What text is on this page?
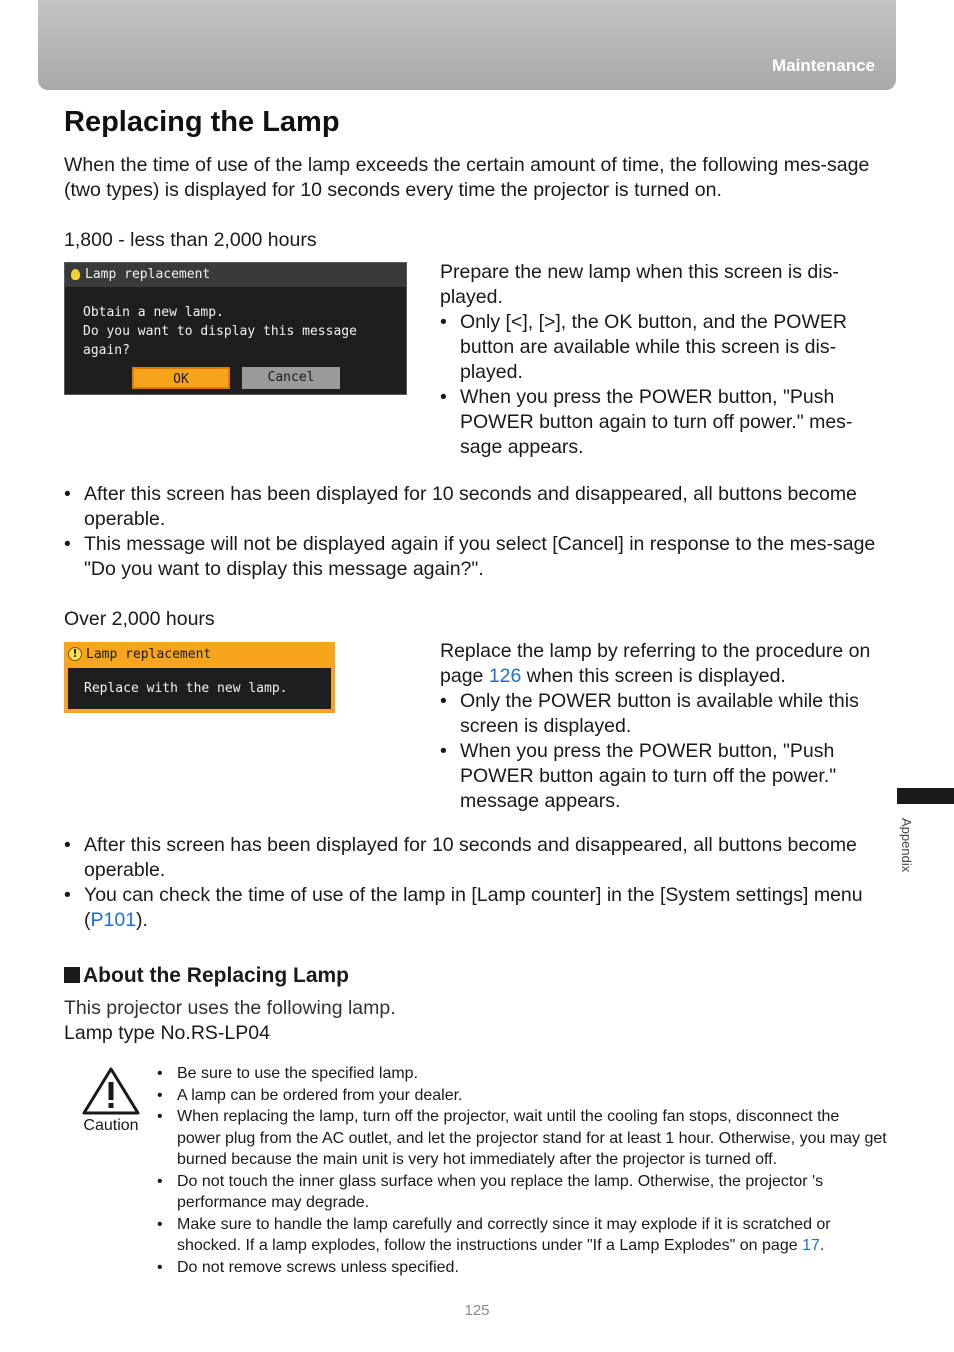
Maintenance
Replacing the Lamp

When the time of use of the lamp exceeds the certain amount of time, the following mes-sage (two types) is displayed for 10 seconds every time the projector is turned on.

1,800 - less than 2,000 hours
Lamp replacement
Obtain a new lamp.
Do you want to display this message again?
OK	Cancel

Prepare the new lamp when this screen is dis-played.

• Only [<], [>], the OK button, and the POWER button are available while this screen is dis-played.
• When you press the POWER button, "Push POWER button again to turn off power." mes-sage appears.
• After this screen has been displayed for 10 seconds and disappeared, all buttons become operable.
• This message will not be displayed again if you select [Cancel] in response to the mes-sage "Do you want to display this message again?".
Over 2,000 hours
! Lamp replacement
Replace with the new lamp.

Replace the lamp by referring to the procedure on page 126 when this screen is displayed.

• Only the POWER button is available while this screen is displayed.
• When you press the POWER button, "Push POWER button again to turn off the power." message appears.
• After this screen has been displayed for 10 seconds and disappeared, all buttons become operable.
• You can check the time of use of the lamp in [Lamp counter] in the [System settings] menu (P101).
About the Replacing Lamp

This projector uses the following lamp.

Lamp type No.RS-LP04

Caution
• Be sure to use the specified lamp.
• A lamp can be ordered from your dealer.
• When replacing the lamp, turn off the projector, wait until the cooling fan stops, disconnect the power plug from the AC outlet, and let the projector stand for at least 1 hour. Otherwise, you may get burned because the main unit is very hot immediately after the projector is turned off.
• Do not touch the inner glass surface when you replace the lamp. Otherwise, the projector 's performance may degrade.
• Make sure to handle the lamp carefully and correctly since it may explode if it is scratched or shocked. If a lamp explodes, follow the instructions under "If a Lamp Explodes" on page 17.
• Do not remove screws unless specified.
Appendix
125
